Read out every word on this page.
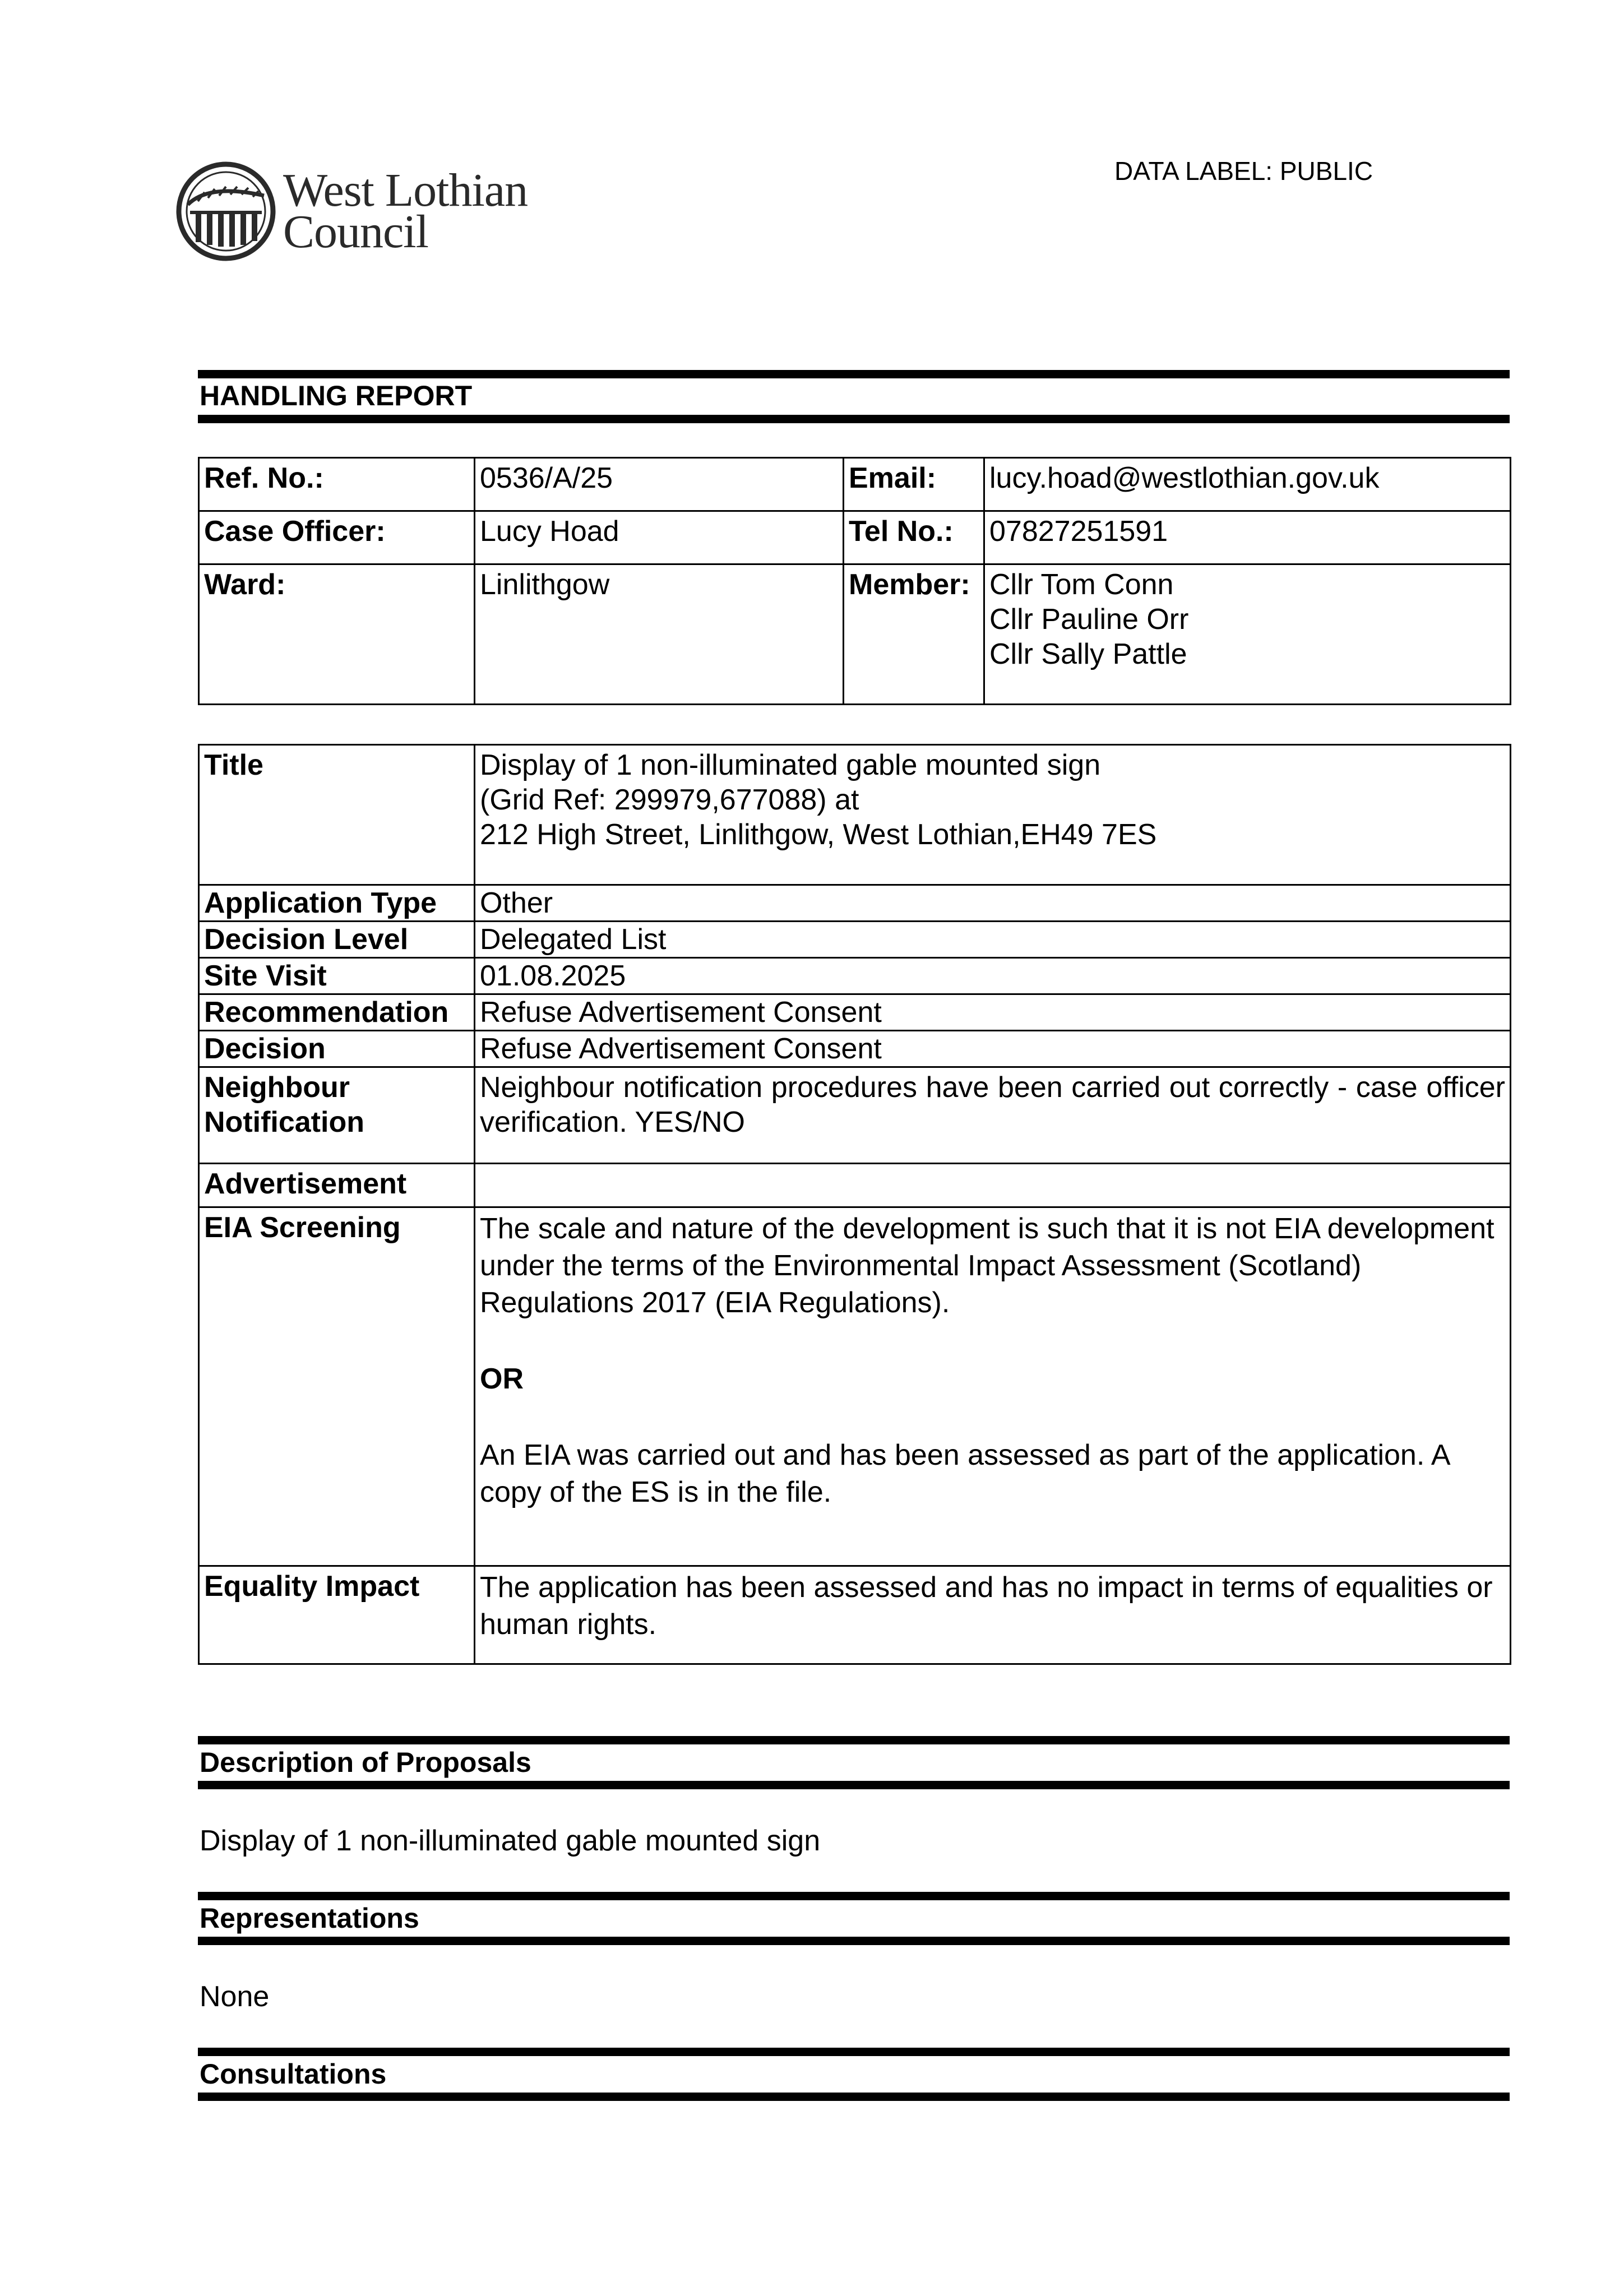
West Lothian
Council
DATA LABEL: PUBLIC
HANDLING REPORT
Ref. No.:	0536/A/25	Email:	lucy.hoad@westlothian.gov.uk
Case Officer:	Lucy Hoad	Tel No.:	07827251591
Ward:	Linlithgow	Member:	Cllr Tom Conn
Cllr Pauline Orr
Cllr Sally Pattle
Title	Display of 1 non-illuminated gable mounted sign
(Grid Ref: 299979,677088) at
212 High Street, Linlithgow, West Lothian,EH49 7ES

Application Type	Other
Decision Level	Delegated List
Site Visit	01.08.2025
Recommendation	Refuse Advertisement Consent
Decision	Refuse Advertisement Consent

Neighbour
Notification	Neighbour notification procedures have been carried out correctly - case officer verification. YES/NO
Advertisement	
EIA Screening	The scale and nature of the development is such that it is not EIA development under the terms of the Environmental Impact Assessment (Scotland) Regulations 2017 (EIA Regulations).
OR
An EIA was carried out and has been assessed as part of the application. A copy of the ES is in the file.

Equality Impact	The application has been assessed and has no impact in terms of equalities or human rights.
Description of Proposals
Display of 1 non-illuminated gable mounted sign
Representations
None
Consultations
